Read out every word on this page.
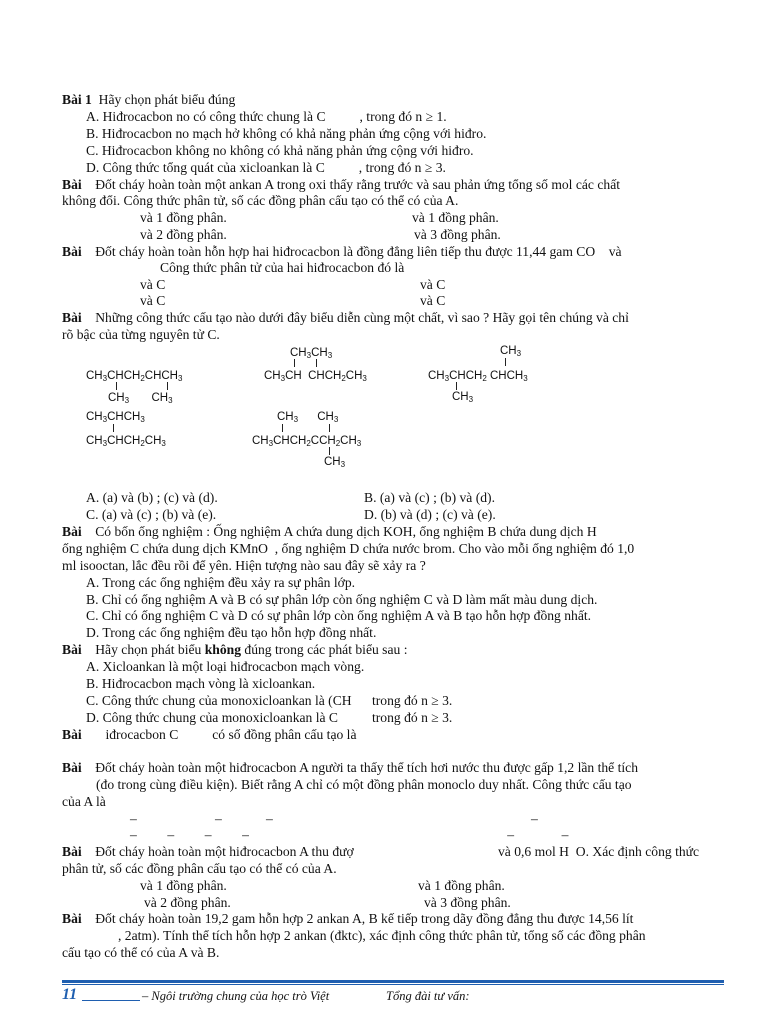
Bài 1 Hãy chọn phát biểu đúng
A. Hiđrocacbon no có công thức chung là C          , trong đó n ≥ 1.
B. Hiđrocacbon no mạch hở không có khả năng phản ứng cộng với hiđro.
C. Hiđrocacbon không no không có khả năng phản ứng cộng với hiđro.
D. Công thức tổng quát của xicloankan là C          , trong đó n ≥ 3.
Bài Đốt cháy hoàn toàn một ankan A trong oxi thấy rằng trước và sau phản ứng tổng số mol các chất
không đổi. Công thức phân tử, số các đồng phân cấu tạo có thể có của A.
và 1 đồng phân.	và 1 đồng phân.
và 2 đồng phân.	và 3 đồng phân.
Bài Đốt cháy hoàn toàn hỗn hợp hai hiđrocacbon là đồng đẳng liên tiếp thu được 11,44 gam CO    và
Công thức phân tử của hai hiđrocacbon đó là
và C	và C
và C	và C
Bài Những công thức cấu tạo nào dưới đây biểu diễn cùng một chất, vì sao ? Hãy gọi tên chúng và chỉ
rõ bậc của từng nguyên tử C.
$CH_3CHCH_2CHCH_3$
$CH_3$       $CH_3$
$CH_3CH_3$
$CH_3CH$  $CHCH_2CH_3$
$CH_3$
$CH_3CHCH_2$ $CHCH_3$
$CH_3$
$CH_3CHCH_3$
$CH_3CHCH_2CH_3$
$CH_3$      $CH_3$
$CH_3CHCH_2CCH_2CH_3$
$CH_3$
A. (a) và (b) ; (c) và (d).	B. (a) và (c) ; (b) và (d).
C. (a) và (c) ; (b) và (e).	D. (b) và (d) ; (c) và (e).
Bài Có bốn ống nghiệm : Ống nghiệm A chứa dung dịch KOH, ống nghiệm B chứa dung dịch H
ống nghiệm C chứa dung dịch KMnO  , ống nghiệm D chứa nước brom. Cho vào mỗi ống nghiệm đó 1,0
ml isooctan, lắc đều rồi để yên. Hiện tượng nào sau đây sẽ xảy ra ?
A. Trong các ống nghiệm đều xảy ra sự phân lớp.
B. Chỉ có ống nghiệm A và B có sự phân lớp còn ống nghiệm C và D làm mất màu dung dịch.
C. Chỉ có ống nghiệm C và D có sự phân lớp còn ống nghiệm A và B tạo hỗn hợp đồng nhất.
D. Trong các ống nghiệm đều tạo hỗn hợp đồng nhất.
Bài Hãy chọn phát biểu không đúng trong các phát biểu sau :
A. Xicloankan là một loại hiđrocacbon mạch vòng.
B. Hiđrocacbon mạch vòng là xicloankan.
C. Công thức chung của monoxicloankan là (CH      trong đó n ≥ 3.
D. Công thức chung của monoxicloankan là C          trong đó n ≥ 3.
Bài iđrocacbon C          có số đồng phân cấu tạo là
Bài Đốt cháy hoàn toàn một hiđrocacbon A người ta thấy thể tích hơi nước thu được gấp 1,2 lần thể tích
(đo trong cùng điều kiện). Biết rằng A chỉ có một đồng phân monoclo duy nhất. Công thức cấu tạo
của A là
–                       –             –                                                                            –
–         –         –         –                                                                            –              –
Bài Đốt cháy hoàn toàn một hiđrocacbon A thu đượ	và 0,6 mol H  O. Xác định công thức
phân tử, số các đồng phân cấu tạo có thể có của A.
và 1 đồng phân.	và 1 đồng phân.
và 2 đồng phân.	và 3 đồng phân.
Bài Đốt cháy hoàn toàn 19,2 gam hỗn hợp 2 ankan A, B kế tiếp trong dãy đồng đẳng thu được 14,56 lít
, 2atm). Tính thể tích hỗn hợp 2 ankan (đktc), xác định công thức phân tử, tổng số các đồng phân
cấu tạo có thể có của A và B.
11	– Ngôi trường chung của học trò Việt	Tổng đài tư vấn:
